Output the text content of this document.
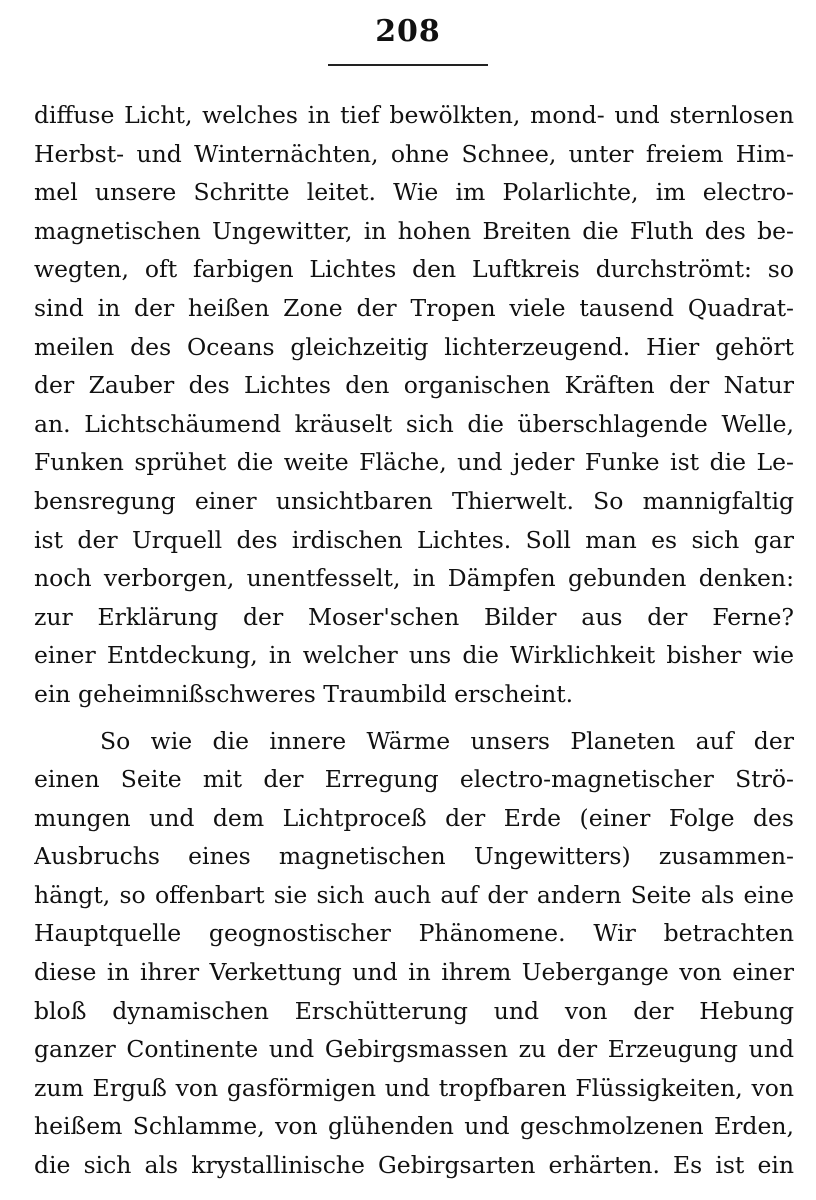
208
diffuse Licht, welches in tief bewölkten, mond- und sternlosen
Herbst- und Winternächten, ohne Schnee, unter freiem Him-
mel unsere Schritte leitet. Wie im Polarlichte, im electro-
magnetischen Ungewitter, in hohen Breiten die Fluth des be-
wegten, oft farbigen Lichtes den Luftkreis durchströmt: so
sind in der heißen Zone der Tropen viele tausend Quadrat-
meilen des Oceans gleichzeitig lichterzeugend. Hier gehört
der Zauber des Lichtes den organischen Kräften der Natur
an. Lichtschäumend kräuselt sich die überschlagende Welle,
Funken sprühet die weite Fläche, und jeder Funke ist die Le-
bensregung einer unsichtbaren Thierwelt. So mannigfaltig
ist der Urquell des irdischen Lichtes. Soll man es sich gar
noch verborgen, unentfesselt, in Dämpfen gebunden denken:
zur Erklärung der Moser'schen Bilder aus der Ferne?
einer Entdeckung, in welcher uns die Wirklichkeit bisher wie
ein geheimnißschweres Traumbild erscheint.
So wie die innere Wärme unsers Planeten auf der
einen Seite mit der Erregung electro-magnetischer Strö-
mungen und dem Lichtproceß der Erde (einer Folge des
Ausbruchs eines magnetischen Ungewitters) zusammen-
hängt, so offenbart sie sich auch auf der andern Seite als eine
Hauptquelle geognostischer Phänomene. Wir betrachten
diese in ihrer Verkettung und in ihrem Uebergange von einer
bloß dynamischen Erschütterung und von der Hebung
ganzer Continente und Gebirgsmassen zu der Erzeugung und
zum Erguß von gasförmigen und tropfbaren Flüssigkeiten, von
heißem Schlamme, von glühenden und geschmolzenen Erden,
die sich als krystallinische Gebirgsarten erhärten. Es ist ein
